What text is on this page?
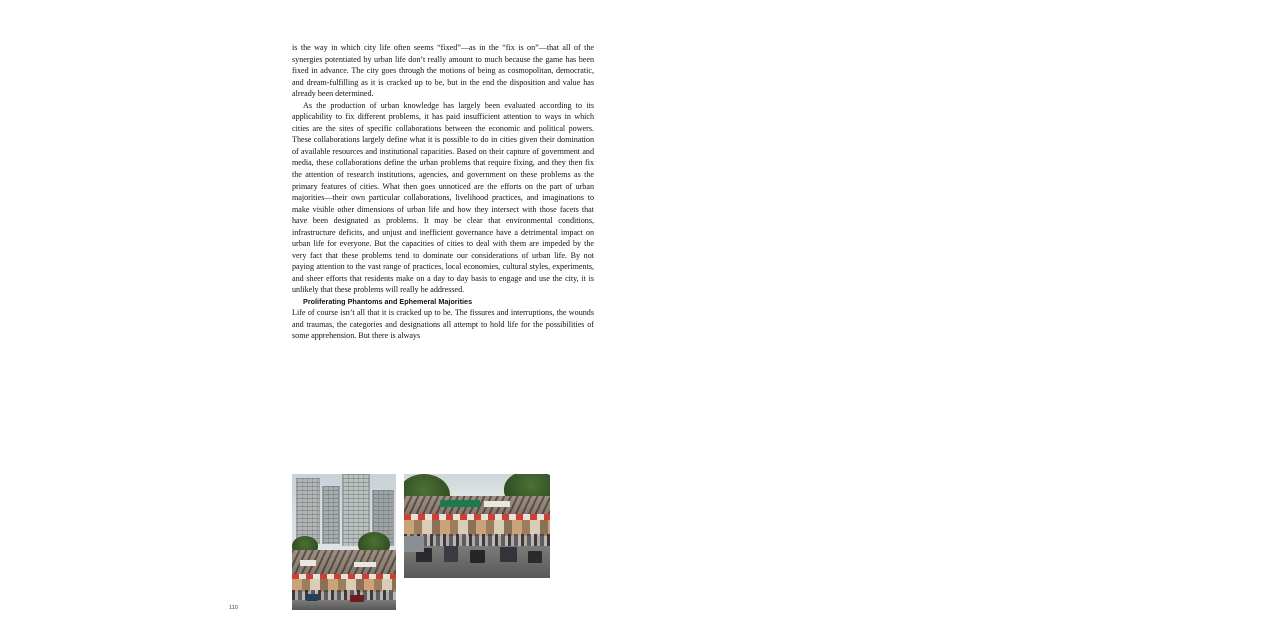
is the way in which city life often seems “fixed”—as in the “fix is on”—that all of the synergies potentiated by urban life don’t really amount to much because the game has been fixed in advance. The city goes through the motions of being as cosmopolitan, democratic, and dream-fulfilling as it is cracked up to be, but in the end the disposition and value has already been determined.

As the production of urban knowledge has largely been evaluated according to its applicability to fix different problems, it has paid insufficient attention to ways in which cities are the sites of specific collaborations between the economic and political powers. These collaborations largely define what it is possible to do in cities given their domination of available resources and institutional capacities. Based on their capture of government and media, these collaborations define the urban problems that require fixing, and they then fix the attention of research institutions, agencies, and government on these problems as the primary features of cities. What then goes unnoticed are the efforts on the part of urban majorities—their own particular collaborations, livelihood practices, and imaginations to make visible other dimensions of urban life and how they intersect with those facets that have been designated as problems. It may be clear that environmental conditions, infrastructure deficits, and unjust and inefficient governance have a detrimental impact on urban life for everyone. But the capacities of cities to deal with them are impeded by the very fact that these problems tend to dominate our considerations of urban life. By not paying attention to the vast range of practices, local economies, cultural styles, experiments, and sheer efforts that residents make on a day to day basis to engage and use the city, it is unlikely that these problems will really be addressed.

Proliferating Phantoms and Ephemeral Majorities

Life of course isn’t all that it is cracked up to be. The fissures and interruptions, the wounds and traumas, the categories and designations all attempt to hold life for the possibilities of some apprehension. But there is always

110
